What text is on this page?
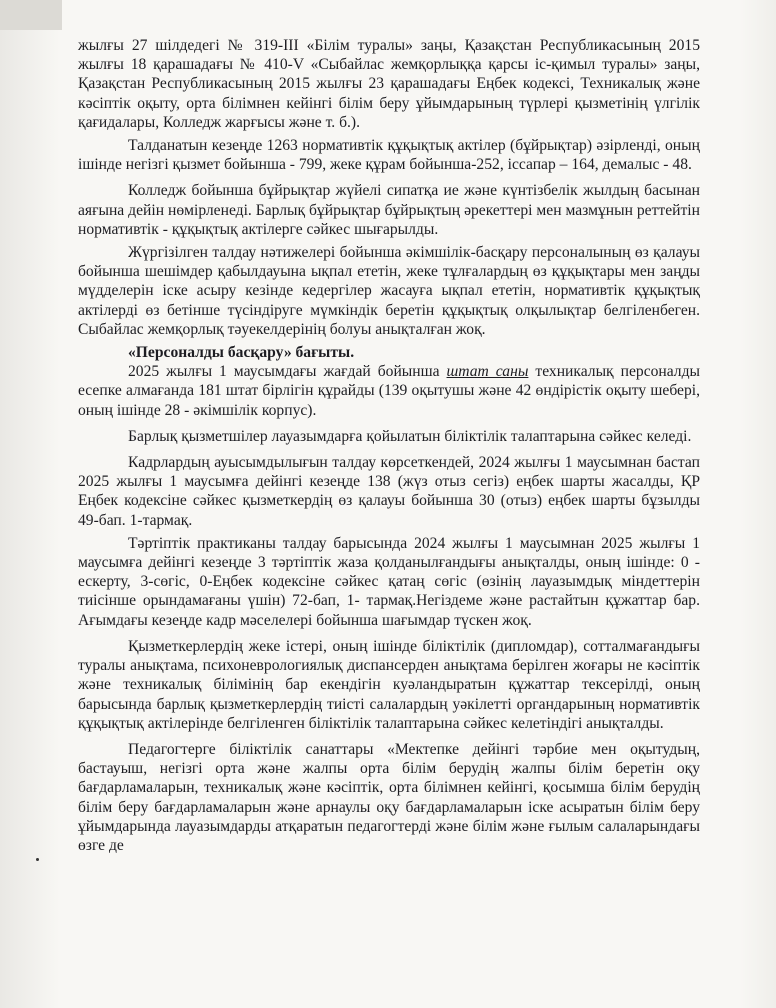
жылғы 27 шілдедегі № 319-III «Білім туралы» заңы, Қазақстан Республикасының 2015 жылғы 18 қарашадағы № 410-V «Сыбайлас жемқорлыққа қарсы іс-қимыл туралы» заңы, Қазақстан Республикасының 2015 жылғы 23 қарашадағы Еңбек кодексі, Техникалық және кәсіптік оқыту, орта білімнен кейінгі білім беру ұйымдарының түрлері қызметінің үлгілік қағидалары, Колледж жарғысы және т. б.).

Талданатын кезеңде 1263 нормативтік құқықтық актілер (бұйрықтар) әзірленді, оның ішінде негізгі қызмет бойынша - 799, жеке құрам бойынша-252, іссапар – 164, демалыс - 48.

Колледж бойынша бұйрықтар жүйелі сипатқа ие және күнтізбелік жылдың басынан аяғына дейін нөмірленеді. Барлық бұйрықтар бұйрықтың әрекеттері мен мазмұнын реттейтін нормативтік - құқықтық актілерге сәйкес шығарылды.

Жүргізілген талдау нәтижелері бойынша әкімшілік-басқару персоналының өз қалауы бойынша шешімдер қабылдауына ықпал ететін, жеке тұлғалардың өз құқықтары мен заңды мүдделерін іске асыру кезінде кедергілер жасауға ықпал ететін, нормативтік құқықтық актілерді өз бетінше түсіндіруге мүмкіндік беретін құқықтық олқылықтар белгіленбеген. Сыбайлас жемқорлық тәуекелдерінің болуы анықталған жоқ.

«Персоналды басқару» бағыты.

2025 жылғы 1 маусымдағы жағдай бойынша штат саны техникалық персоналды есепке алмағанда 181 штат бірлігін құрайды (139 оқытушы және 42 өндірістік оқыту шебері, оның ішінде 28 - әкімшілік корпус).

Барлық қызметшілер лауазымдарға қойылатын біліктілік талаптарына сәйкес келеді.

Кадрлардың ауысымдылығын талдау көрсеткендей, 2024 жылғы 1 маусымнан бастап 2025 жылғы 1 маусымға дейінгі кезеңде 138 (жүз отыз сегіз) еңбек шарты жасалды, ҚР Еңбек кодексіне сәйкес қызметкердің өз қалауы бойынша 30 (отыз) еңбек шарты бұзылды 49-бап. 1-тармақ.

Тәртіптік практиканы талдау барысында 2024 жылғы 1 маусымнан 2025 жылғы 1 маусымға дейінгі кезеңде 3 тәртіптік жаза қолданылғандығы анықталды, оның ішінде: 0 - ескерту, 3-сөгіс, 0-Еңбек кодексіне сәйкес қатаң сөгіс (өзінің лауазымдық міндеттерін тиісінше орындамағаны үшін) 72-бап, 1- тармақ.Негіздеме және растайтын құжаттар бар. Ағымдағы кезеңде кадр мәселелері бойынша шағымдар түскен жоқ.

Қызметкерлердің жеке істері, оның ішінде біліктілік (дипломдар), сотталмағандығы туралы анықтама, психоневрологиялық диспансерден анықтама берілген жоғары не кәсіптік және техникалық білімінің бар екендігін куәландыратын құжаттар тексерілді, оның барысында барлық қызметкерлердің тиісті салалардың уәкілетті органдарының нормативтік құқықтық актілерінде белгіленген біліктілік талаптарына сәйкес келетіндігі анықталды.

Педагогтерге біліктілік санаттары «Мектепке дейінгі тәрбие мен оқытудың, бастауыш, негізгі орта және жалпы орта білім берудің жалпы білім беретін оқу бағдарламаларын, техникалық және кәсіптік, орта білімнен кейінгі, қосымша білім берудің білім беру бағдарламаларын және арнаулы оқу бағдарламаларын іске асыратын білім беру ұйымдарында лауазымдарды атқаратын педагогтерді және білім және ғылым салаларындағы өзге де
